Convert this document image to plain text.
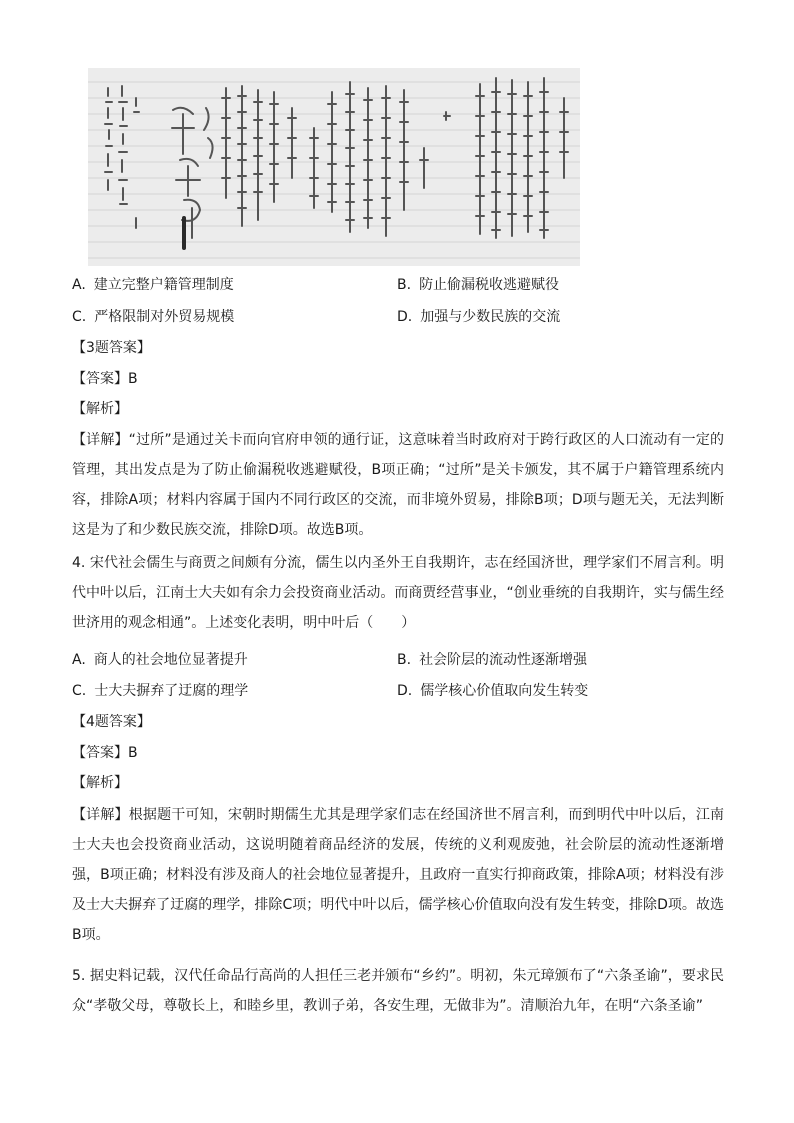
A. 建立完整户籍管理制度	B. 防止偷漏税收逃避赋役
C. 严格限制对外贸易规模	D. 加强与少数民族的交流
【3题答案】
【答案】B
【解析】
【详解】“过所”是通过关卡而向官府申领的通行证，这意味着当时政府对于跨行政区的人口流动有一定的管理，其出发点是为了防止偷漏税收逃避赋役，B项正确；“过所”是关卡颁发，其不属于户籍管理系统内容，排除A项；材料内容属于国内不同行政区的交流，而非境外贸易，排除B项；D项与题无关，无法判断这是为了和少数民族交流，排除D项。故选B项。
4. 宋代社会儒生与商贾之间颇有分流，儒生以内圣外王自我期许，志在经国济世，理学家们不屑言利。明代中叶以后，江南士大夫如有余力会投资商业活动。而商贾经营事业，“创业垂统的自我期许，实与儒生经世济用的观念相通”。上述变化表明，明中叶后（　　）
A. 商人的社会地位显著提升	B. 社会阶层的流动性逐渐增强
C. 士大夫摒弃了迂腐的理学	D. 儒学核心价值取向发生转变
【4题答案】
【答案】B
【解析】
【详解】根据题干可知，宋朝时期儒生尤其是理学家们志在经国济世不屑言利，而到明代中叶以后，江南士大夫也会投资商业活动，这说明随着商品经济的发展，传统的义利观废弛，社会阶层的流动性逐渐增强，B项正确；材料没有涉及商人的社会地位显著提升，且政府一直实行抑商政策，排除A项；材料没有涉及士大夫摒弃了迂腐的理学，排除C项；明代中叶以后，儒学核心价值取向没有发生转变，排除D项。故选B项。
5. 据史料记载，汉代任命品行高尚的人担任三老并颁布“乡约”。明初，朱元璋颁布了“六条圣谕”，要求民众“孝敬父母，尊敬长上，和睦乡里，教训子弟，各安生理，无做非为”。清顺治九年，在明“六条圣谕”
